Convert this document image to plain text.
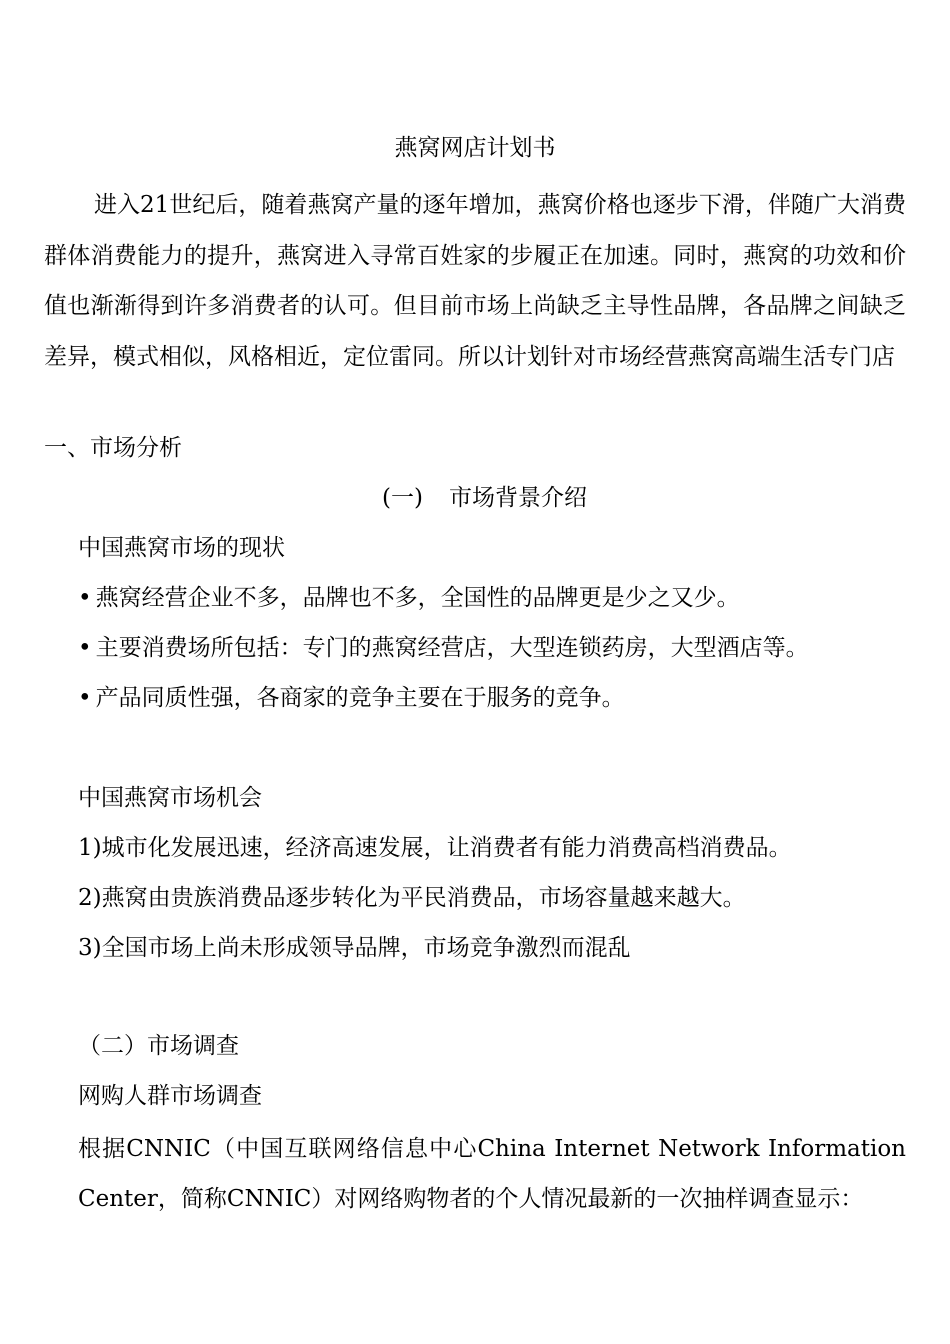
燕窝网店计划书

进入21世纪后，随着燕窝产量的逐年增加，燕窝价格也逐步下滑，伴随广大消费群体消费能力的提升，燕窝进入寻常百姓家的步履正在加速。同时，燕窝的功效和价值也渐渐得到许多消费者的认可。但目前市场上尚缺乏主导性品牌，各品牌之间缺乏差异，模式相似，风格相近，定位雷同。所以计划针对市场经营燕窝高端生活专门店

一、市场分析
(一) 市场背景介绍
中国燕窝市场的现状
• 燕窝经营企业不多，品牌也不多，全国性的品牌更是少之又少。
• 主要消费场所包括：专门的燕窝经营店，大型连锁药房，大型酒店等。
• 产品同质性强，各商家的竞争主要在于服务的竞争。
中国燕窝市场机会
1)城市化发展迅速，经济高速发展，让消费者有能力消费高档消费品。
2)燕窝由贵族消费品逐步转化为平民消费品，市场容量越来越大。
3)全国市场上尚未形成领导品牌，市场竞争激烈而混乱
（二）市场调查
网购人群市场调查

根据CNNIC（中国互联网络信息中心China Internet Network Information Center，简称CNNIC）对网络购物者的个人情况最新的一次抽样调查显示：
